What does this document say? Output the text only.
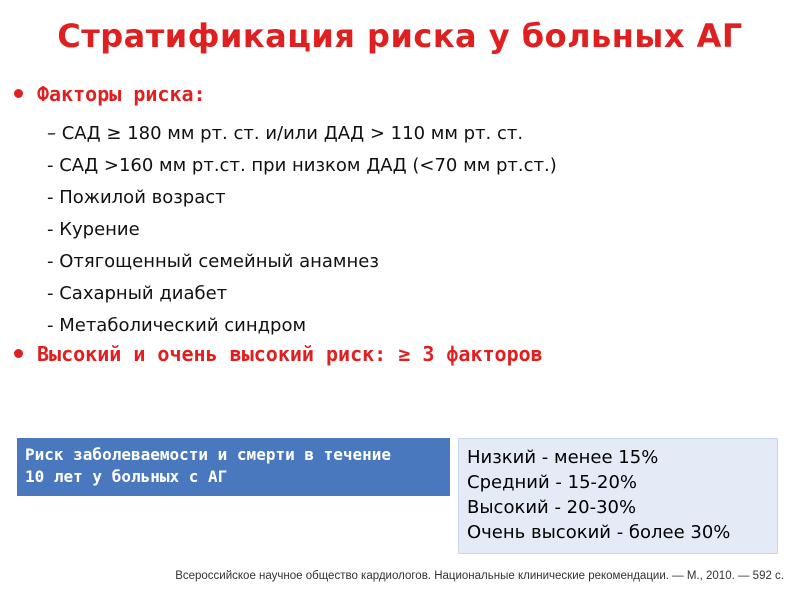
Стратификация риска у больных АГ
Факторы риска:
– САД ≥ 180 мм рт. ст. и/или ДАД > 110 мм рт. ст.
- САД >160 мм рт.ст. при низком ДАД (<70 мм рт.ст.)
- Пожилой возраст
- Курение
- Отягощенный семейный анамнез
- Сахарный диабет
- Метаболический синдром
Высокий и очень высокий риск: ≥ 3 факторов
Риск заболеваемости и смерти в течение
10 лет у больных с АГ
Низкий - менее 15%
Средний - 15-20%
Высокий - 20-30%
Очень высокий - более 30%
Всероссийское научное общество кардиологов. Национальные клинические рекомендации. — М., 2010. — 592 с.
